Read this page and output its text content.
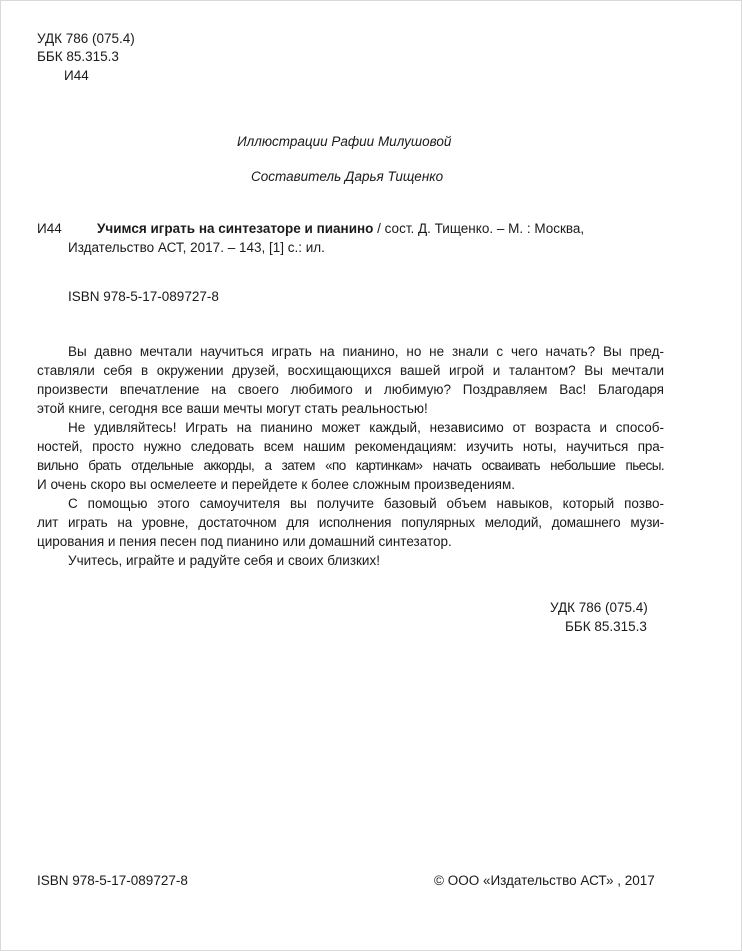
УДК 786 (075.4)

ББК 85.315.3

И44

Иллюстрации Рафии Милушовой

Составитель Дарья Тищенко

И44	Учимся играть на синтезаторе и пианино / сост. Д. Тищенко. – М. : Москва,

Издательство АСТ, 2017. – 143, [1] с.: ил.

ISBN 978-5-17-089727-8

Вы давно мечтали научиться играть на пианино, но не знали с чего начать? Вы пред-

ставляли себя в окружении друзей, восхищающихся вашей игрой и талантом? Вы мечтали

произвести впечатление на своего любимого и любимую? Поздравляем Вас! Благодаря

этой книге, сегодня все ваши мечты могут стать реальностью!

Не удивляйтесь! Играть на пианино может каждый, независимо от возраста и способ-

ностей, просто нужно следовать всем нашим рекомендациям: изучить ноты, научиться пра-

вильно брать отдельные аккорды, а затем «по картинкам» начать осваивать небольшие пьесы.

И очень скоро вы осмелеете и перейдете к более сложным произведениям.

С помощью этого самоучителя вы получите базовый объем навыков, который позво-

лит играть на уровне, достаточном для исполнения популярных мелодий, домашнего музи-

цирования и пения песен под пианино или домашний синтезатор.

Учитесь, играйте и радуйте себя и своих близких!

УДК 786 (075.4)

ББК 85.315.3

ISBN 978-5-17-089727-8	© ООО «Издательство АСТ» , 2017
